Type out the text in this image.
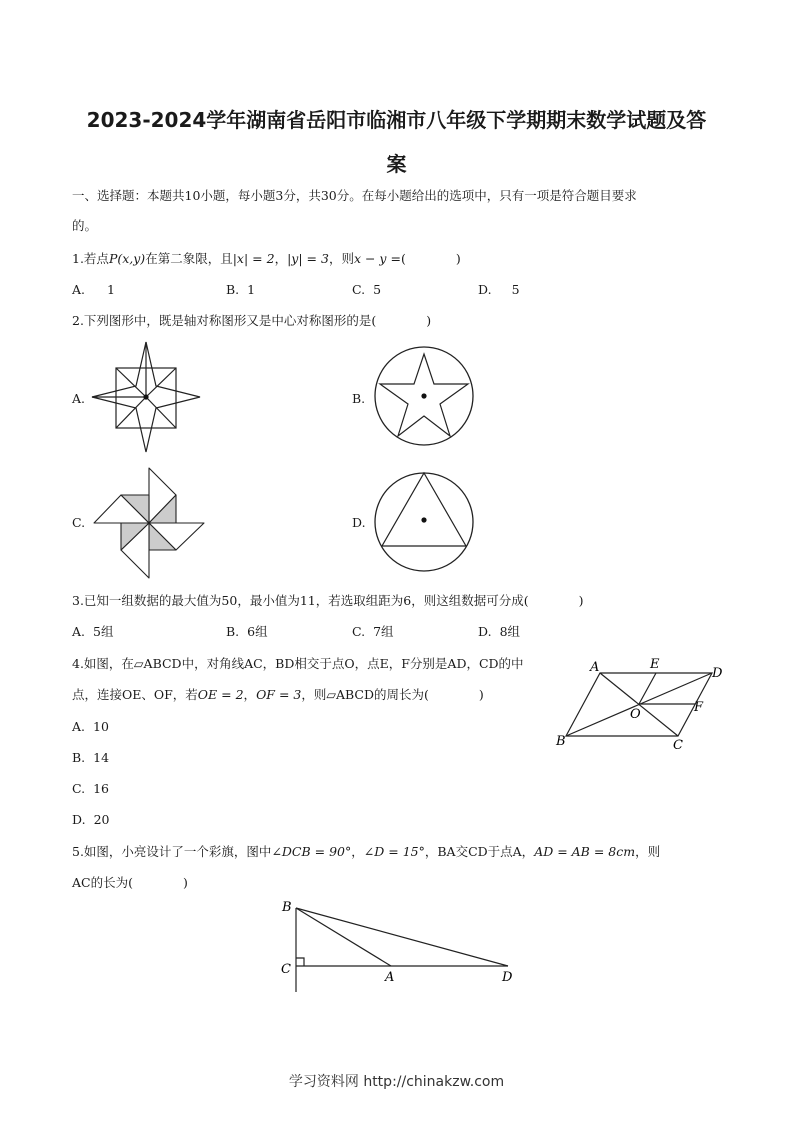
2023-2024学年湖南省岳阳市临湘市八年级下学期期末数学试题及答
案
一、选择题：本题共10小题，每小题3分，共30分。在每小题给出的选项中，只有一项是符合题目要求
的。
1.若点P(x,y)在第二象限，且|x| = 2，|y| = 3，则x − y =(　　　　)
A. 1	B. 1	C. 5	D. 5
2.下列图形中，既是轴对称图形又是中心对称图形的是(　　　　)
A.	B.
C.	D.
3.已知一组数据的最大值为50，最小值为11，若选取组距为6，则这组数据可分成(　　　　)
A. 5组	B. 6组	C. 7组	D. 8组
4.如图，在▱ABCD中，对角线AC，BD相交于点O，点E，F分别是AD，CD的中
点，连接OE、OF，若OE = 2，OF = 3，则▱ABCD的周长为(　　　　)
A. 10
B. 14
C. 16
D. 20
A	E
D
O	F
B	C
5.如图，小亮设计了一个彩旗，图中∠DCB = 90°，∠D = 15°，BA交CD于点A，AD = AB = 8cm，则
AC的长为(　　　　)
B
C
A	D
学习资料网 http://chinakzw.com
